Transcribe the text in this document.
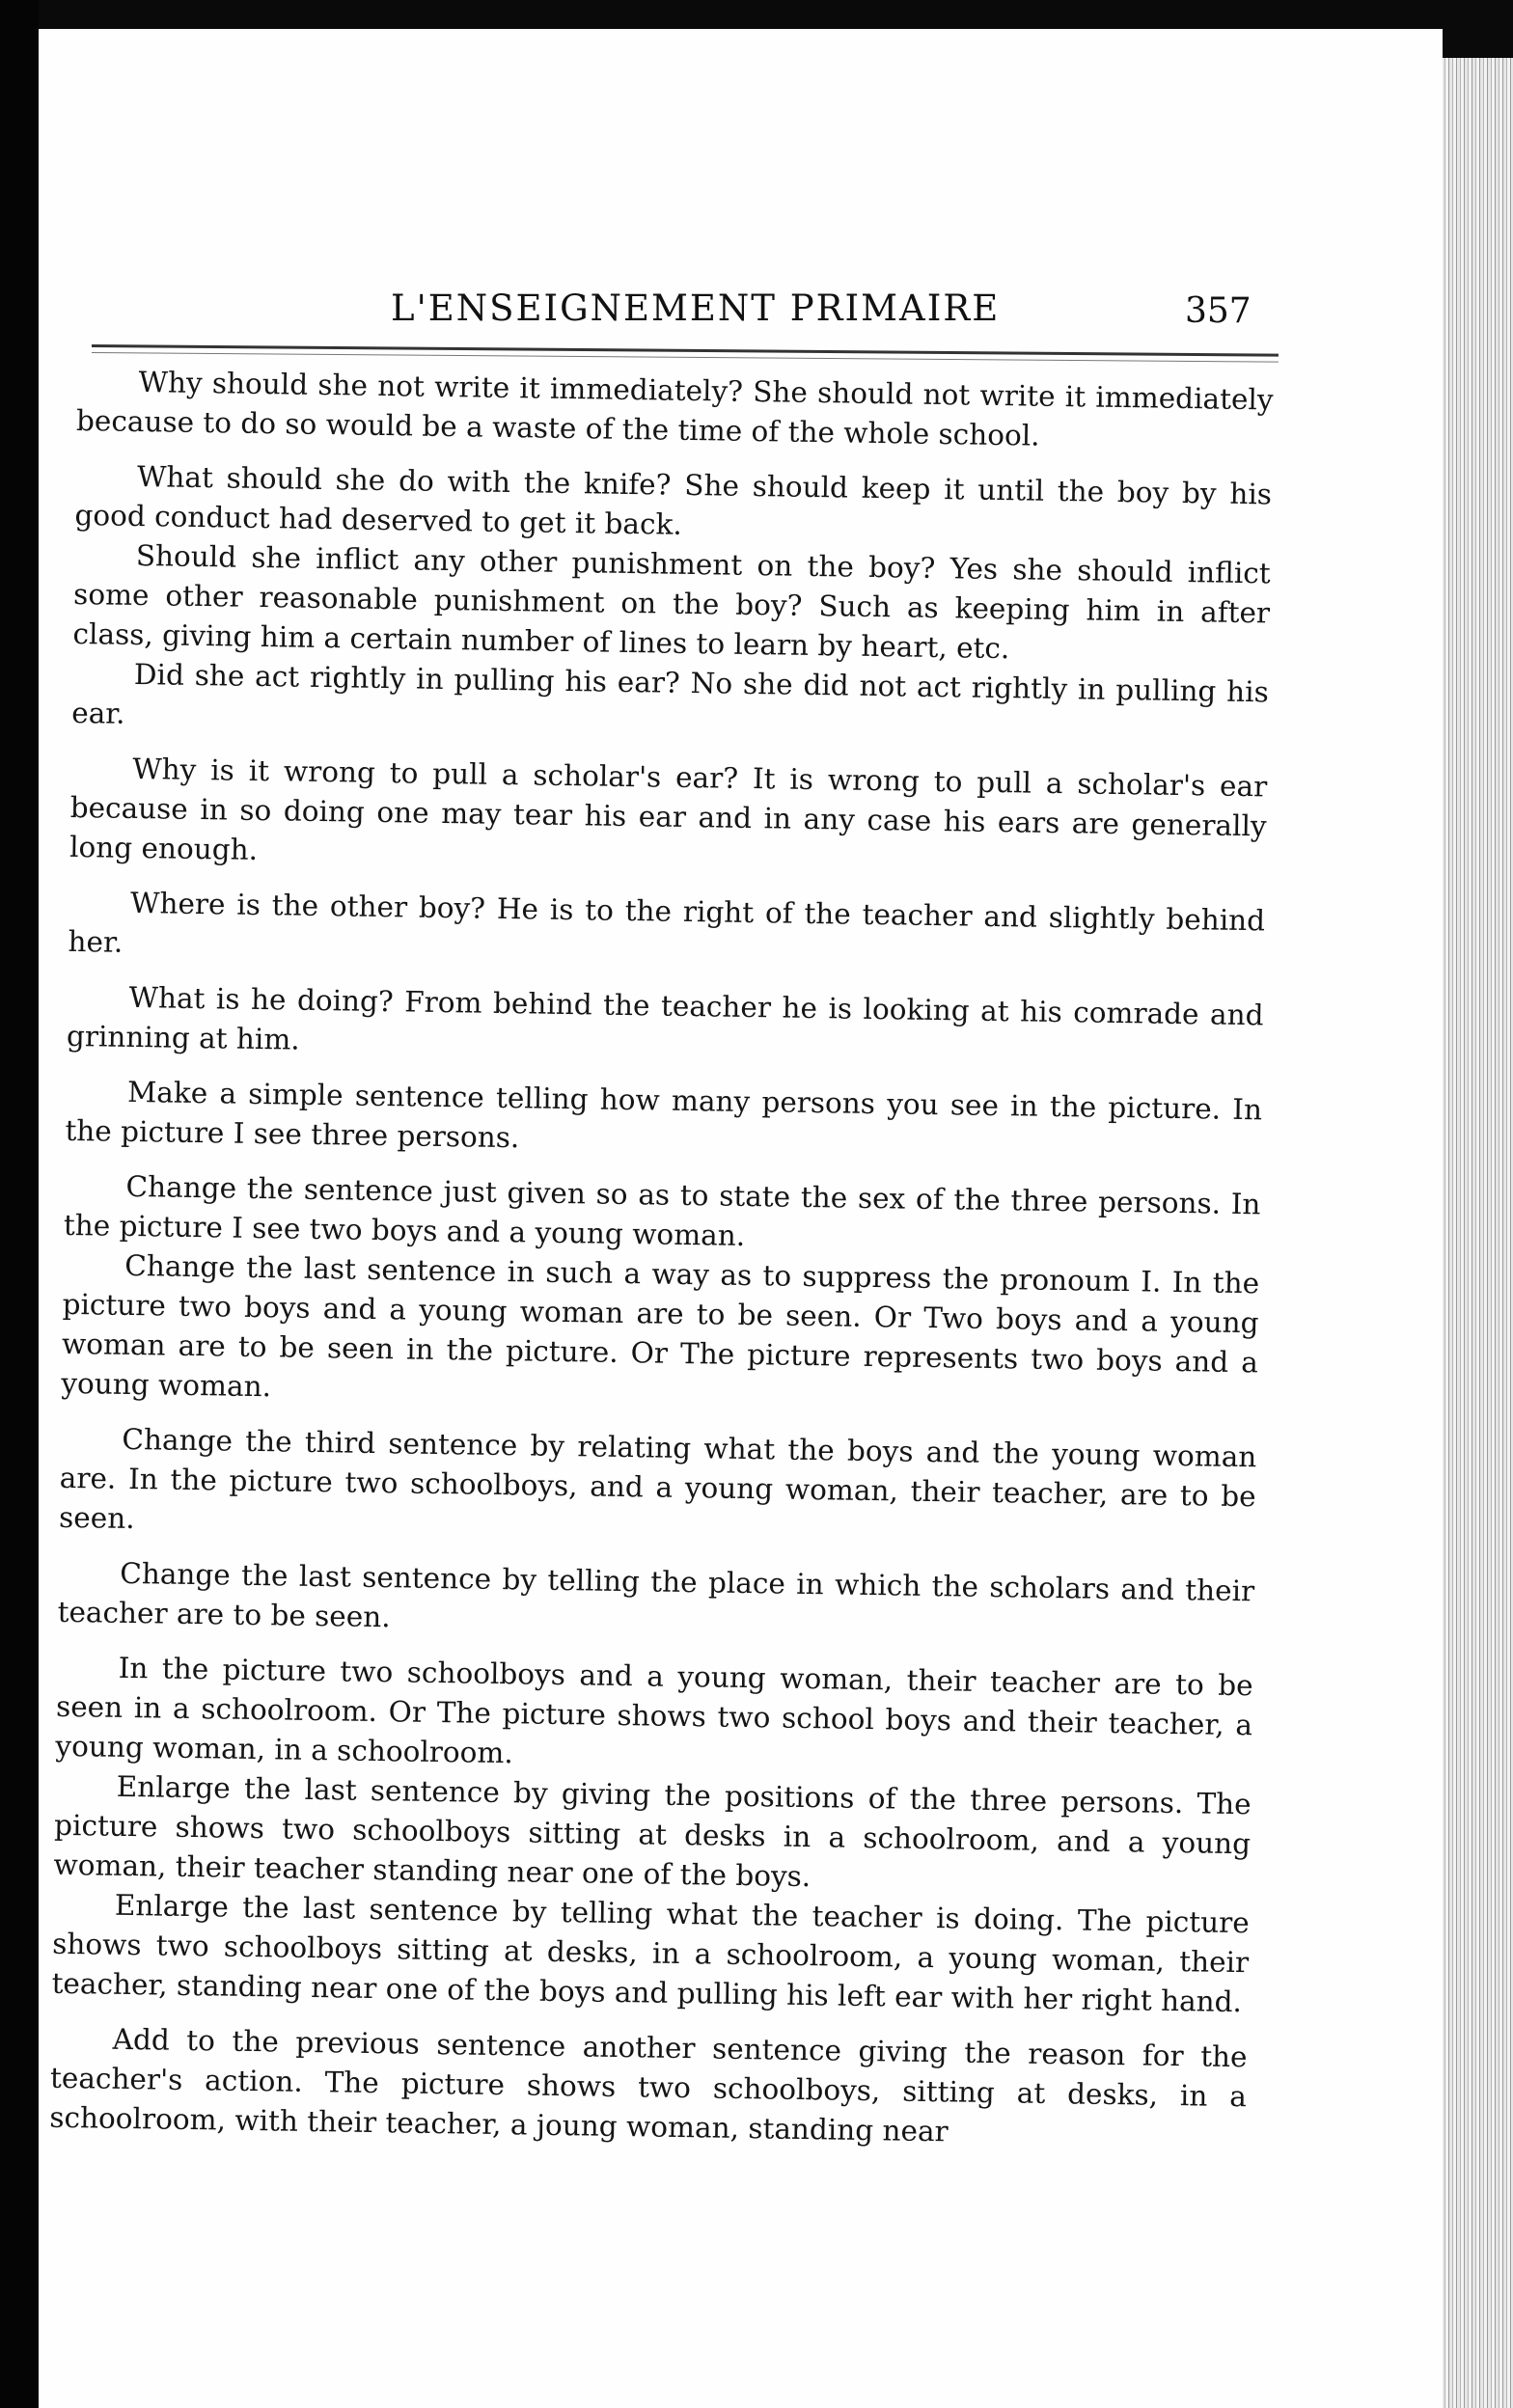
L'ENSEIGNEMENT PRIMAIRE	357

Why should she not write it immediately? She should not write it immediately because to do so would be a waste of the time of the whole school.

What should she do with the knife? She should keep it until the boy by his good conduct had deserved to get it back.

Should she inflict any other punishment on the boy? Yes she should inflict some other reasonable punishment on the boy? Such as keeping him in after class, giving him a certain number of lines to learn by heart, etc.

Did she act rightly in pulling his ear? No she did not act rightly in pulling his ear.

Why is it wrong to pull a scholar's ear? It is wrong to pull a scholar's ear because in so doing one may tear his ear and in any case his ears are generally long enough.

Where is the other boy? He is to the right of the teacher and slightly behind her.

What is he doing? From behind the teacher he is looking at his comrade and grinning at him.

Make a simple sentence telling how many persons you see in the picture. In the picture I see three persons.

Change the sentence just given so as to state the sex of the three persons. In the picture I see two boys and a young woman.

Change the last sentence in such a way as to suppress the pronoum I. In the picture two boys and a young woman are to be seen. Or Two boys and a young woman are to be seen in the picture. Or The picture represents two boys and a young woman.

Change the third sentence by relating what the boys and the young woman are. In the picture two schoolboys, and a young woman, their teacher, are to be seen.

Change the last sentence by telling the place in which the scholars and their teacher are to be seen.

In the picture two schoolboys and a young woman, their teacher are to be seen in a schoolroom. Or The picture shows two school boys and their teacher, a young woman, in a schoolroom.

Enlarge the last sentence by giving the positions of the three persons. The picture shows two schoolboys sitting at desks in a schoolroom, and a young woman, their teacher standing near one of the boys.

Enlarge the last sentence by telling what the teacher is doing. The picture shows two schoolboys sitting at desks, in a schoolroom, a young woman, their teacher, standing near one of the boys and pulling his left ear with her right hand.

Add to the previous sentence another sentence giving the reason for the teacher's action. The picture shows two schoolboys, sitting at desks, in a schoolroom, with their teacher, a joung woman, standing near
